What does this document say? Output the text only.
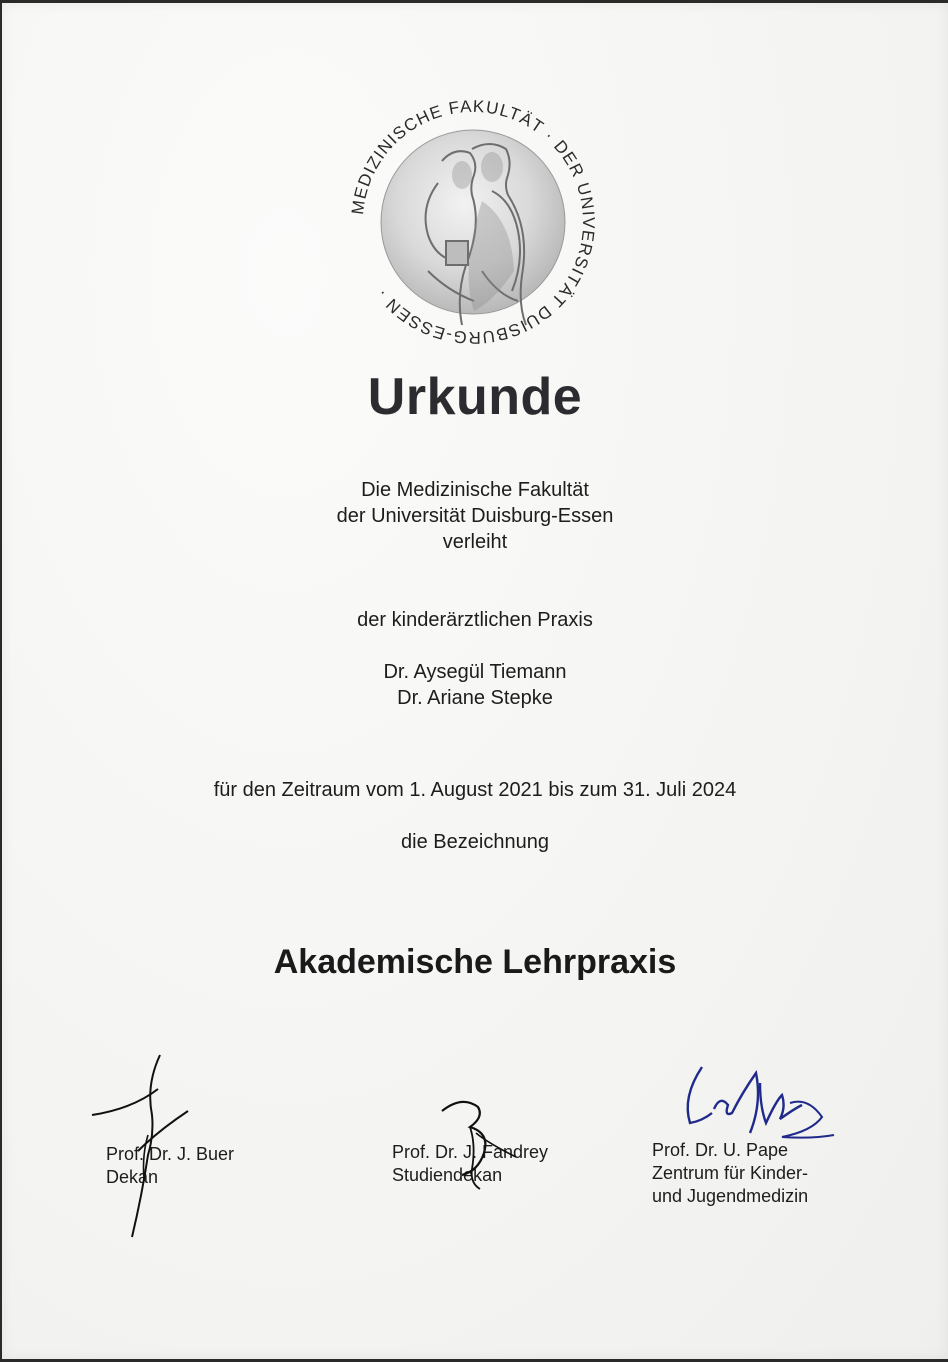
MEDIZINISCHE FAKULTÄT · DER UNIVERSITÄT DUISBURG-ESSEN ·
Urkunde
Die Medizinische Fakultät
der Universität Duisburg-Essen
verleiht
der kinderärztlichen Praxis
Dr. Aysegül Tiemann
Dr. Ariane Stepke
für den Zeitraum vom 1. August 2021 bis zum 31. Juli 2024
die Bezeichnung
Akademische Lehrpraxis
Prof. Dr. J. Buer
Dekan
Prof. Dr. J. Fandrey
Studiendekan
Prof. Dr. U. Pape
Zentrum für Kinder-
und Jugendmedizin
